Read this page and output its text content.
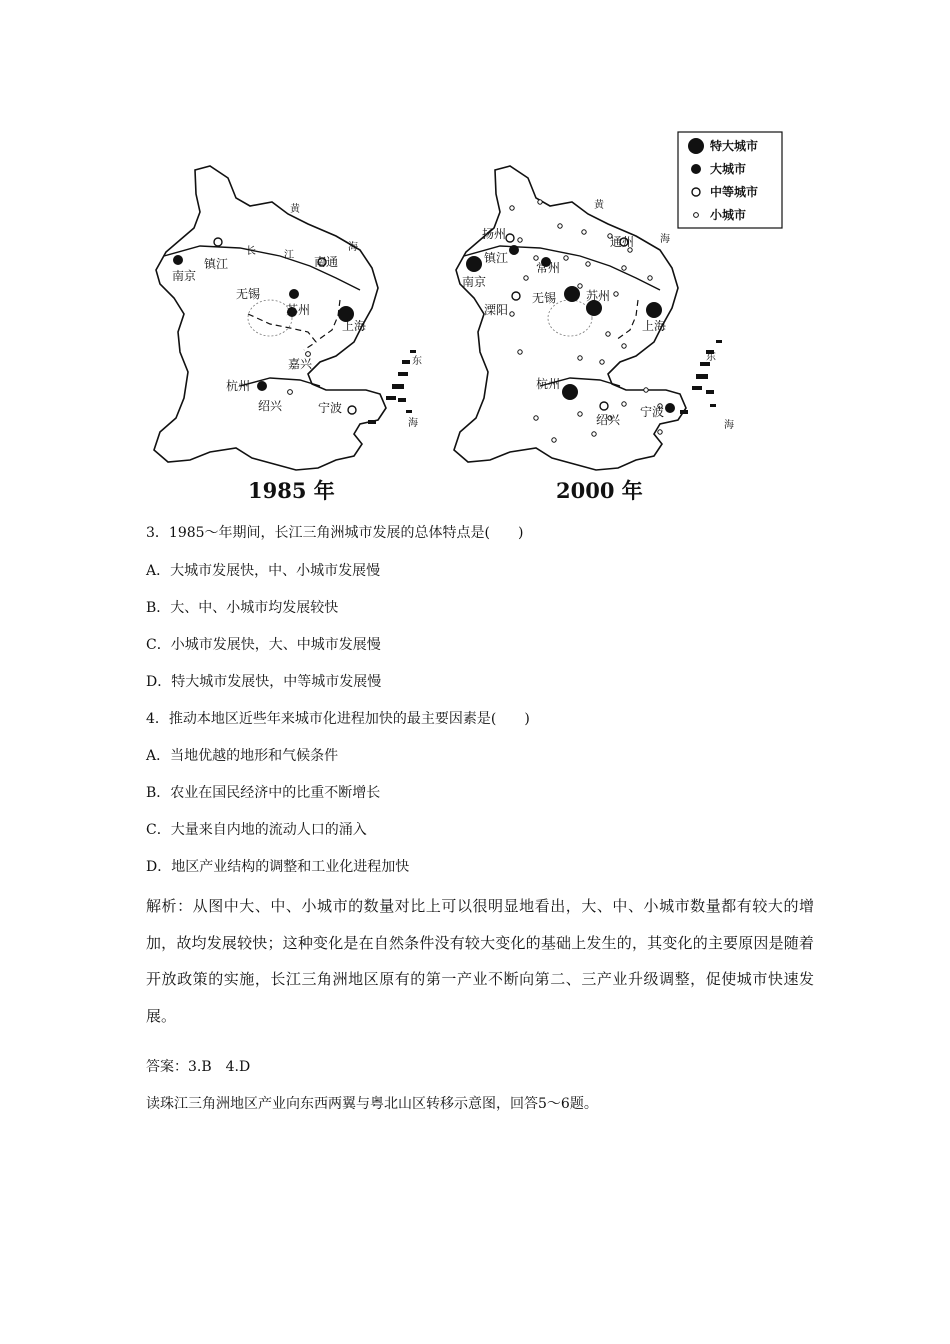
南京
镇江	南通
无锡
苏州
上海
嘉兴
杭州
绍兴	宁波
黄
海
东
海
长	江
1985 年
扬州
镇江
南京
常州
通州
无锡 苏州
溧阳
上海
杭州
绍兴
宁波
黄
海
东
海
2000 年
特大城市
大城市
中等城市
小城市
3．1985～年期间，长江三角洲城市发展的总体特点是(　　)
A．大城市发展快，中、小城市发展慢
B．大、中、小城市均发展较快
C．小城市发展快，大、中城市发展慢
D．特大城市发展快，中等城市发展慢
4．推动本地区近些年来城市化进程加快的最主要因素是(　　)
A．当地优越的地形和气候条件
B．农业在国民经济中的比重不断增长
C．大量来自内地的流动人口的涌入
D．地区产业结构的调整和工业化进程加快
解析：从图中大、中、小城市的数量对比上可以很明显地看出，大、中、小城市数量都有较大的增加，故均发展较快；这种变化是在自然条件没有较大变化的基础上发生的，其变化的主要原因是随着开放政策的实施，长江三角洲地区原有的第一产业不断向第二、三产业升级调整，促使城市快速发展。
答案：3.B　4.D
读珠江三角洲地区产业向东西两翼与粤北山区转移示意图，回答5～6题。
